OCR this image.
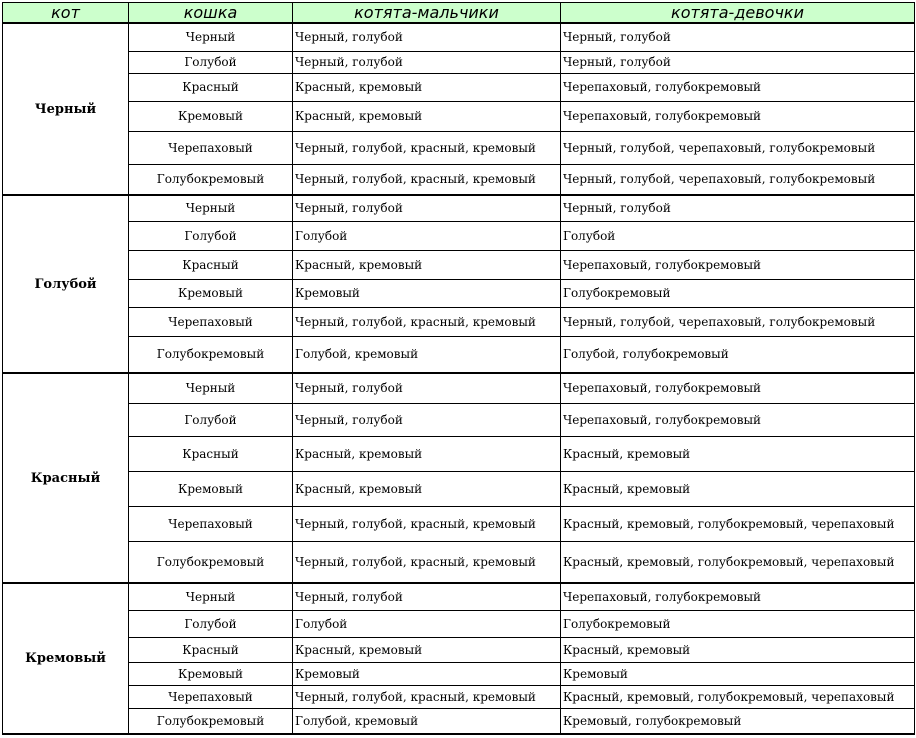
кот	кошка	котята-мальчики	котята-девочки
Черный	Черный	Черный, голубой	Черный, голубой
	Голубой	Черный, голубой	Черный, голубой
	Красный	Красный, кремовый	Черепаховый, голубокремовый
	Кремовый	Красный, кремовый	Черепаховый, голубокремовый
	Черепаховый	Черный, голубой, красный, кремовый	Черный, голубой, черепаховый, голубокремовый
	Голубокремовый	Черный, голубой, красный, кремовый	Черный, голубой, черепаховый, голубокремовый
Голубой	Черный	Черный, голубой	Черный, голубой
	Голубой	Голубой	Голубой
	Красный	Красный, кремовый	Черепаховый, голубокремовый
	Кремовый	Кремовый	Голубокремовый
	Черепаховый	Черный, голубой, красный, кремовый	Черный, голубой, черепаховый, голубокремовый
	Голубокремовый	Голубой, кремовый	Голубой, голубокремовый
Красный	Черный	Черный, голубой	Черепаховый, голубокремовый
	Голубой	Черный, голубой	Черепаховый, голубокремовый
	Красный	Красный, кремовый	Красный, кремовый
	Кремовый	Красный, кремовый	Красный, кремовый
	Черепаховый	Черный, голубой, красный, кремовый	Красный, кремовый, голубокремовый, черепаховый
	Голубокремовый	Черный, голубой, красный, кремовый	Красный, кремовый, голубокремовый, черепаховый
Кремовый	Черный	Черный, голубой	Черепаховый, голубокремовый
	Голубой	Голубой	Голубокремовый
	Красный	Красный, кремовый	Красный, кремовый
	Кремовый	Кремовый	Кремовый
	Черепаховый	Черный, голубой, красный, кремовый	Красный, кремовый, голубокремовый, черепаховый
	Голубокремовый	Голубой, кремовый	Кремовый, голубокремовый
